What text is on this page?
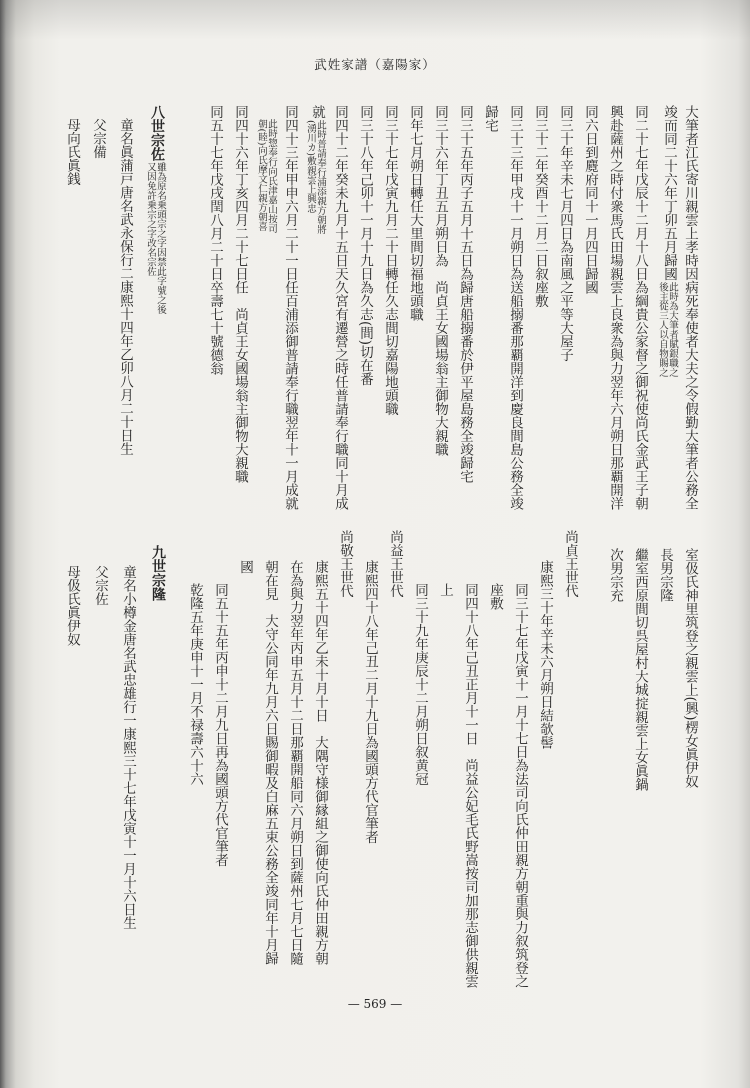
武姓家譜（嘉陽家）
大筆者江氏寄川親雲上孝時因病死奉使者大夫之令假勤大筆者公務全
竣而同二十六年丁卯五月歸國
此時為大筆者賦銀職之
後主從三人以自物賜之
同二十七年戊辰十二月十八日為綱貴公家督之御祝使尚氏金武王子朝
興赴薩州之時付衆馬氏田場親雲上良衆為與力翌年六月朔日那覇開洋
同六日到麑府同十一月四日歸國
同三十年辛未七月四日為南風之平等大屋子
同三十二年癸酉十二月二日叙座敷
同三十三年甲戌十一月朔日為送船搦番那覇開洋到慶良間島公務全竣
歸宅
同三十五年丙子五月十五日為歸唐船搦番於伊平屋島務全竣歸宅
同三十六年丁丑五月朔日為　尚貞王女國場翁主御物大親職
同年七月朔日轉任大里間切福地頭職
同三十七年戊寅九月二十日轉任久志間切嘉陽地頭職
同三十八年己卯十一月十九日為久志(間)切在番
同四十二年癸未九月十五日天久宮有遷營之時任普請奉行職同十月成
就
此時普請奉行浦添親方朝將
(湧川カ)敷親雲上興忠
同四十三年甲申六月二十一日任百浦添御普請奉行職翌年十一月成就
此時惣奉行向氏津嘉山按司
朝(睦)向氏摩文仁親方朝喜
同四十六年丁亥四月二十七日任　尚貞王女國場翁主御物大親職
同五十七年戊戌閏八月二十日卒壽七十號德翁
八世宗佐
雖為原名乗頭宗之字因禁此字號之後
又因免許乗宗之字改名宗佐
童名眞蒲戸唐名武永保行二康熙十四年乙卯八月二十日生
父宗備
母向氏眞銭
室伋氏神里筑登之親雲上(興)楞女眞伊奴
長男宗隆
繼室西原間切呉屋村大城掟親雲上女眞鍋
次男宗充
尚貞王世代
康熙三十年辛未六月朔日結欹髻
同三十七年戊寅十一月十七日為法司向氏仲田親方朝重與力叙筑登之
座敷
同四十八年己丑正月十一日　尚益公妃毛氏野嵩按司加那志御供親雲
上
同三十九年庚辰十二月朔日叙黄冠
尚益王世代
康熙四十八年己丑二月十九日為國頭方代官筆者
尚敬王世代
康熙五十四年乙未十月十日　大隅守様御縁組之御使向氏仲田親方朝
在為與力翌年丙申五月十二日那覇開船同六月朔日到薩州七月七日隨
朝在見　大守公同年九月六日賜御暇及白麻五束公務全竣同年十月歸
國
同五十五年丙申十二月九日再為國頭方代官筆者
乾隆五年庚申十一月不禄壽六十六
九世宗隆
童名小樽金唐名武忠雄行一康熙三十七年戊寅十一月十六日生
父宗佐
母伋氏眞伊奴
— 569 —
